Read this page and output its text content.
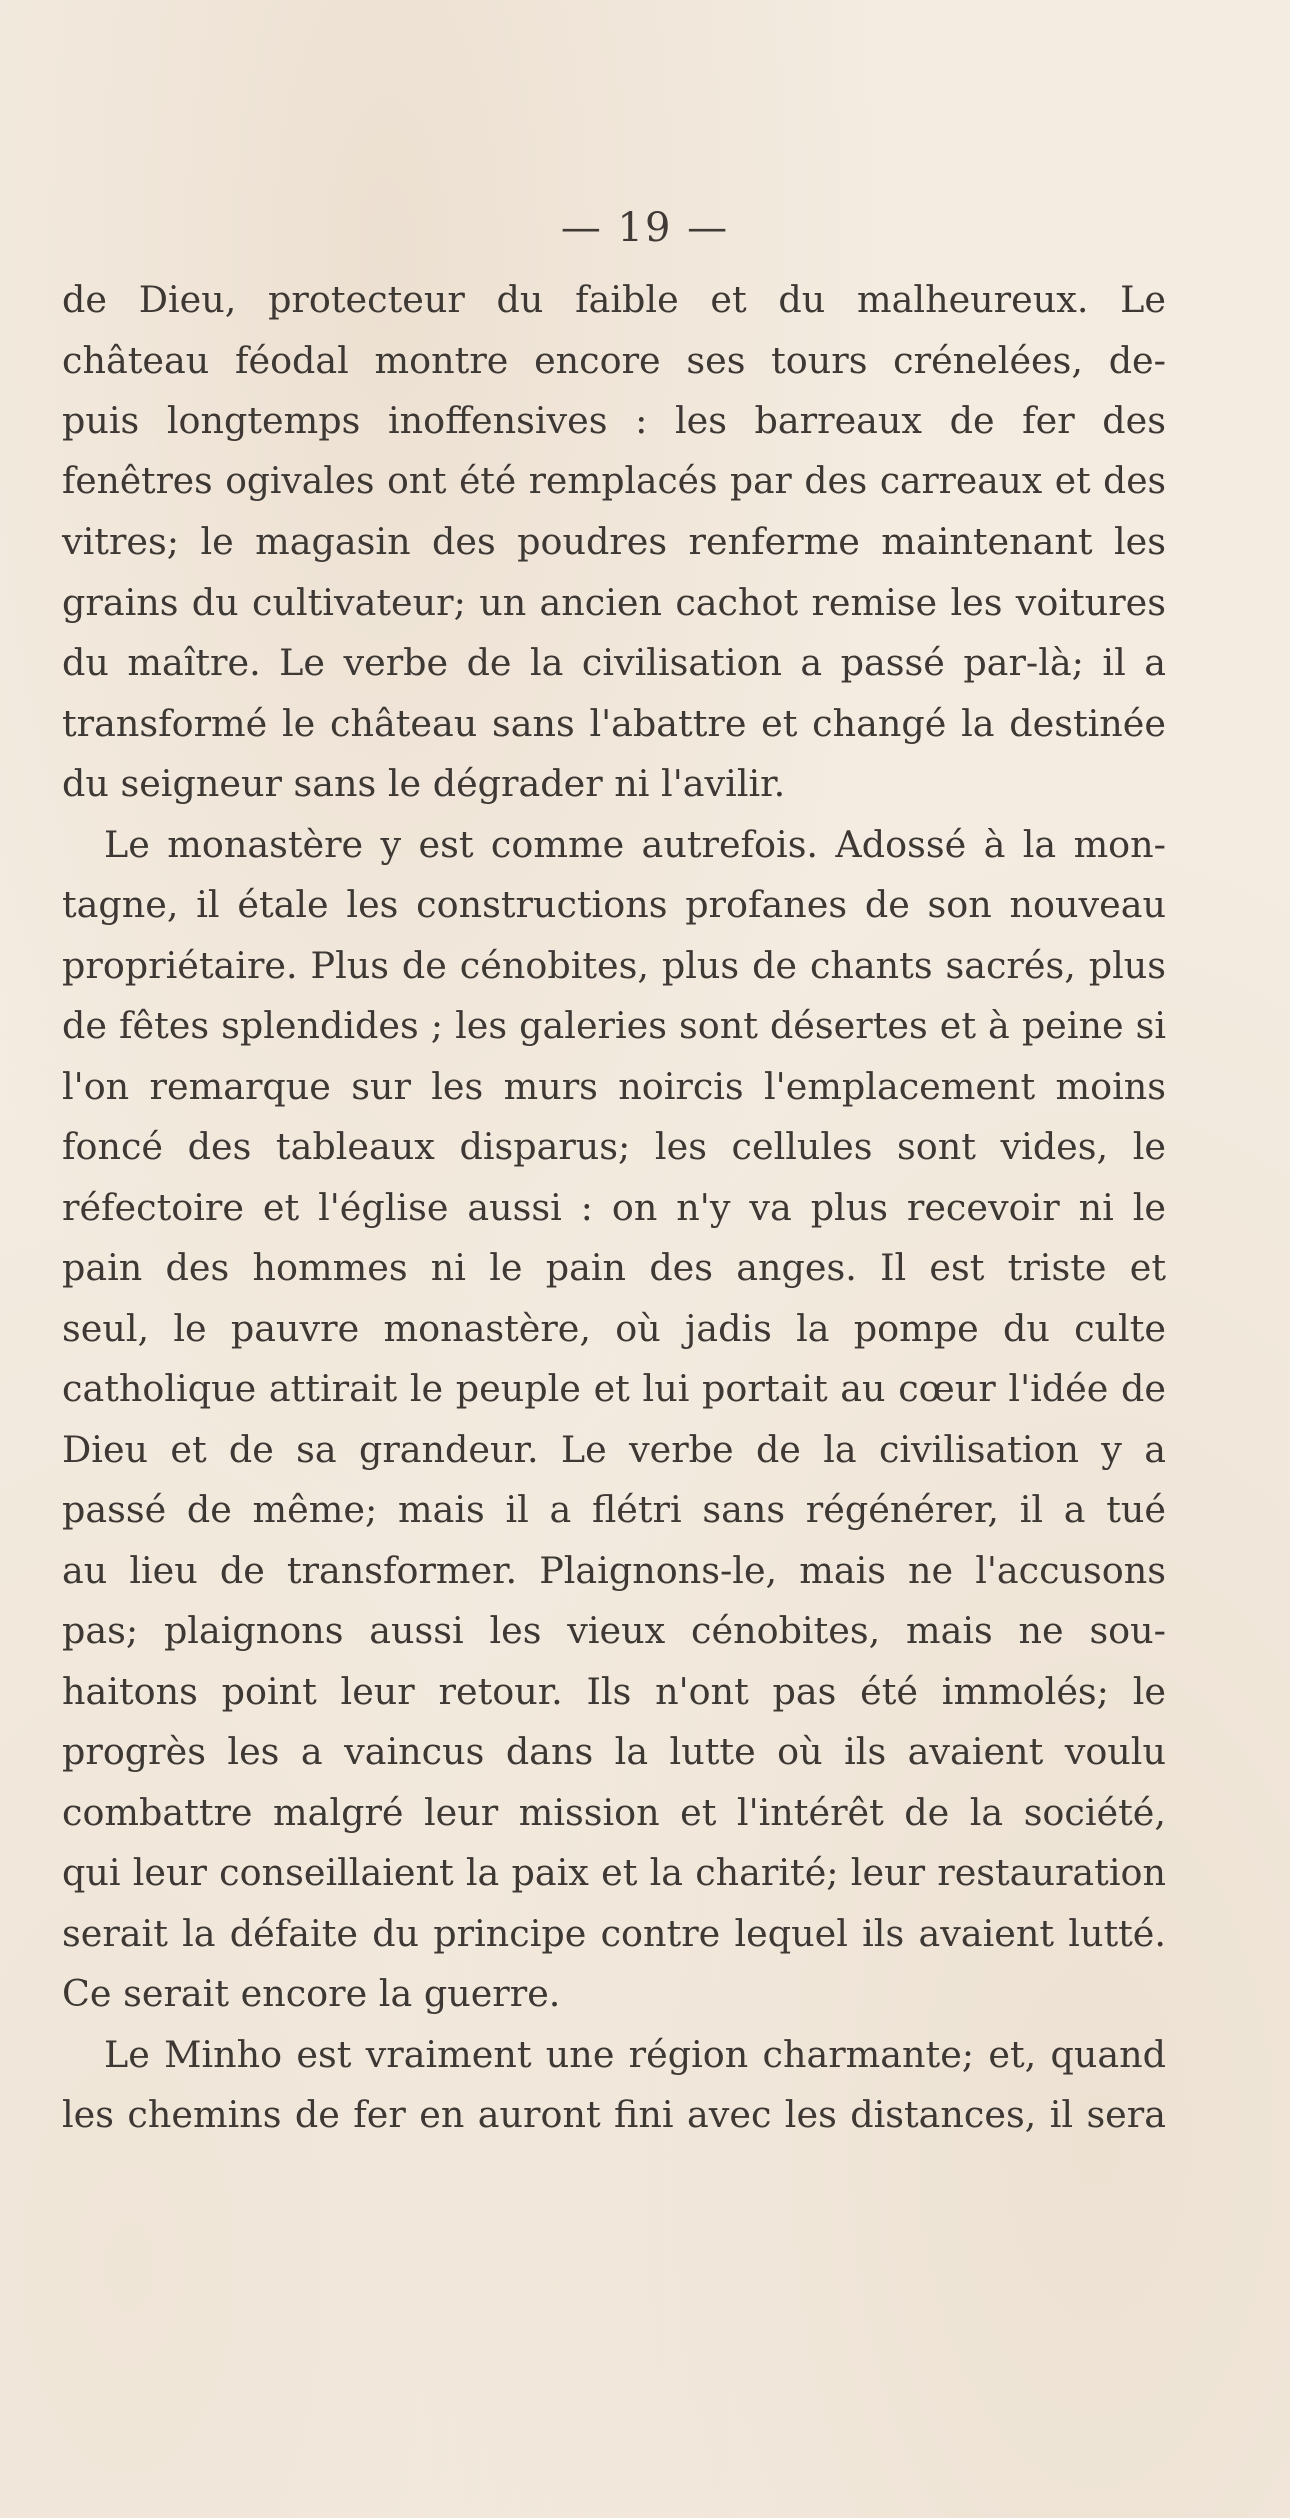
— 19 —
de Dieu, protecteur du faible et du malheureux. Le
château féodal montre encore ses tours crénelées, de-
puis longtemps inoffensives : les barreaux de fer des
fenêtres ogivales ont été remplacés par des carreaux et des
vitres; le magasin des poudres renferme maintenant les
grains du cultivateur; un ancien cachot remise les voitures
du maître. Le verbe de la civilisation a passé par-là; il a
transformé le château sans l'abattre et changé la destinée
du seigneur sans le dégrader ni l'avilir.
Le monastère y est comme autrefois. Adossé à la mon-
tagne, il étale les constructions profanes de son nouveau
propriétaire. Plus de cénobites, plus de chants sacrés, plus
de fêtes splendides ; les galeries sont désertes et à peine si
l'on remarque sur les murs noircis l'emplacement moins
foncé des tableaux disparus; les cellules sont vides, le
réfectoire et l'église aussi : on n'y va plus recevoir ni le
pain des hommes ni le pain des anges. Il est triste et
seul, le pauvre monastère, où jadis la pompe du culte
catholique attirait le peuple et lui portait au cœur l'idée de
Dieu et de sa grandeur. Le verbe de la civilisation y a
passé de même; mais il a flétri sans régénérer, il a tué
au lieu de transformer. Plaignons-le, mais ne l'accusons
pas; plaignons aussi les vieux cénobites, mais ne sou-
haitons point leur retour. Ils n'ont pas été immolés; le
progrès les a vaincus dans la lutte où ils avaient voulu
combattre malgré leur mission et l'intérêt de la société,
qui leur conseillaient la paix et la charité; leur restauration
serait la défaite du principe contre lequel ils avaient lutté.
Ce serait encore la guerre.
Le Minho est vraiment une région charmante; et, quand
les chemins de fer en auront fini avec les distances, il sera
